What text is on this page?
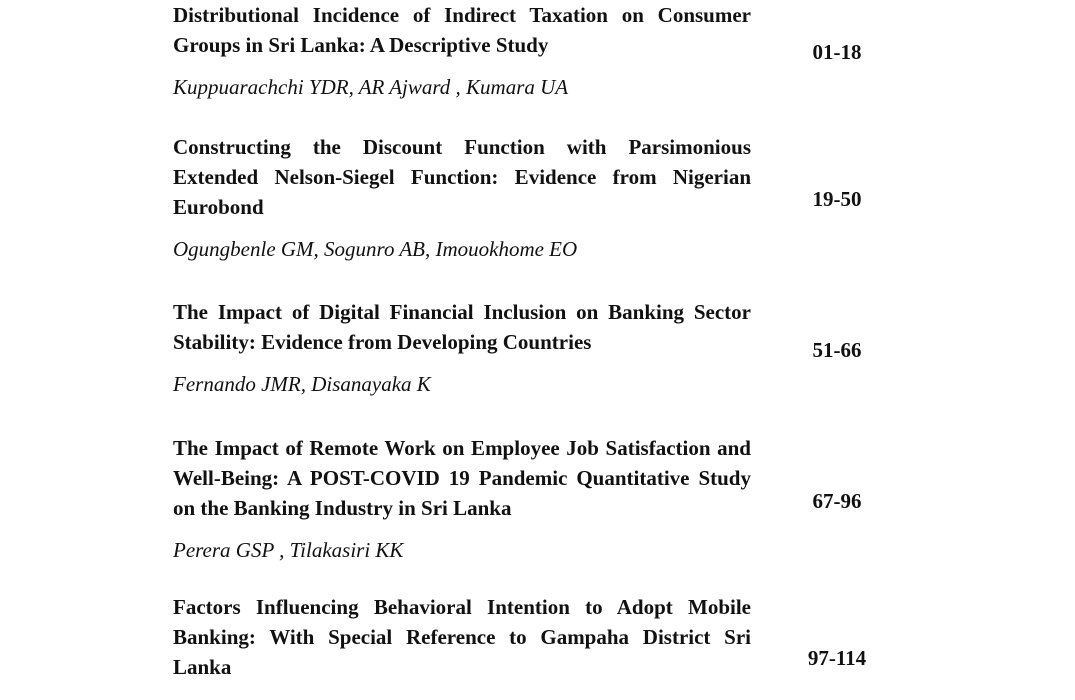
Distributional Incidence of Indirect Taxation on Consumer Groups in Sri Lanka: A Descriptive Study

Kuppuarachchi YDR, AR Ajward , Kumara UA

01-18

Constructing the Discount Function with Parsimonious Extended Nelson-Siegel Function: Evidence from Nigerian Eurobond

Ogungbenle GM, Sogunro AB, Imouokhome EO

19-50

The Impact of Digital Financial Inclusion on Banking Sector Stability: Evidence from Developing Countries

Fernando JMR, Disanayaka K

51-66

The Impact of Remote Work on Employee Job Satisfaction and Well-Being: A POST-COVID 19 Pandemic Quantitative Study on the Banking Industry in Sri Lanka

Perera GSP , Tilakasiri KK

67-96

Factors Influencing Behavioral Intention to Adopt Mobile Banking: With Special Reference to Gampaha District Sri Lanka	97-114
